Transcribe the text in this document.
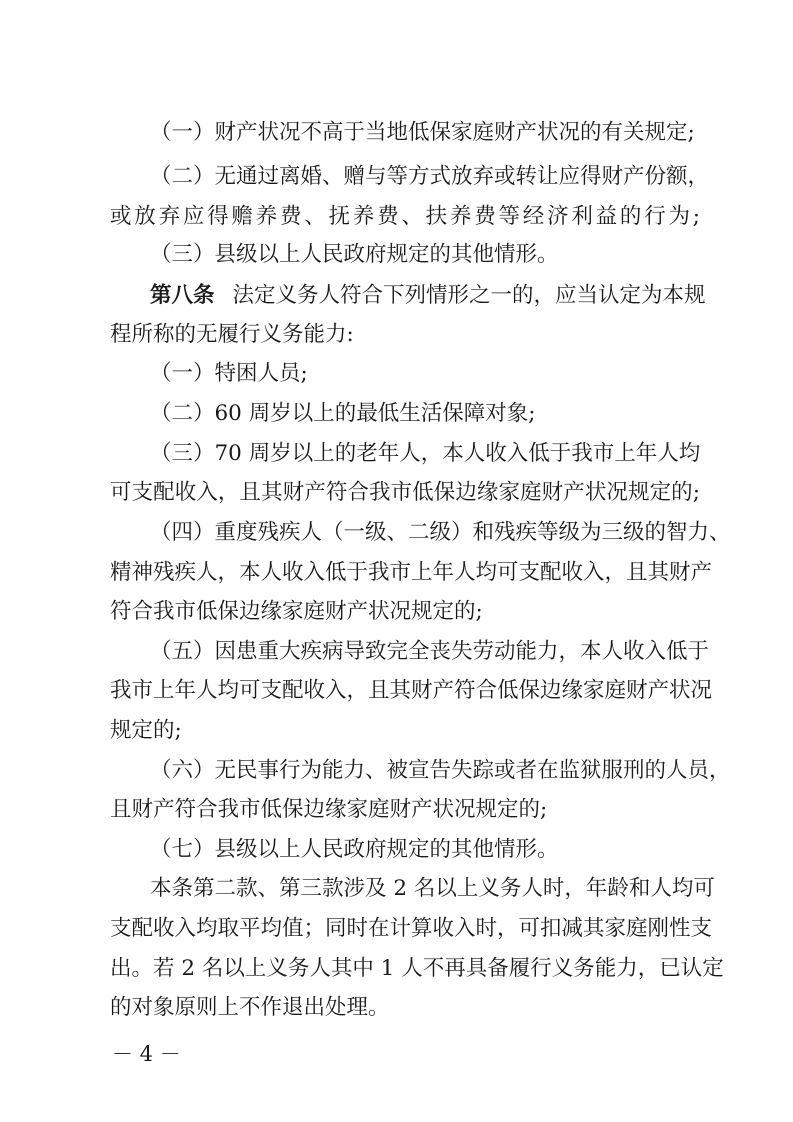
（一）财产状况不高于当地低保家庭财产状况的有关规定;
（二）无通过离婚、赠与等方式放弃或转让应得财产份额，
或放弃应得赡养费、抚养费、扶养费等经济利益的行为;
（三）县级以上人民政府规定的其他情形。
第八条 法定义务人符合下列情形之一的，应当认定为本规
程所称的无履行义务能力:
（一）特困人员;
（二）60 周岁以上的最低生活保障对象;
（三）70 周岁以上的老年人，本人收入低于我市上年人均
可支配收入，且其财产符合我市低保边缘家庭财产状况规定的;
（四）重度残疾人（一级、二级）和残疾等级为三级的智力、
精神残疾人，本人收入低于我市上年人均可支配收入，且其财产
符合我市低保边缘家庭财产状况规定的;
（五）因患重大疾病导致完全丧失劳动能力，本人收入低于
我市上年人均可支配收入，且其财产符合低保边缘家庭财产状况
规定的;
（六）无民事行为能力、被宣告失踪或者在监狱服刑的人员，
且财产符合我市低保边缘家庭财产状况规定的;
（七）县级以上人民政府规定的其他情形。
本条第二款、第三款涉及 2 名以上义务人时，年龄和人均可
支配收入均取平均值；同时在计算收入时，可扣减其家庭刚性支
出。若 2 名以上义务人其中 1 人不再具备履行义务能力，已认定
的对象原则上不作退出处理。
－ 4 －
